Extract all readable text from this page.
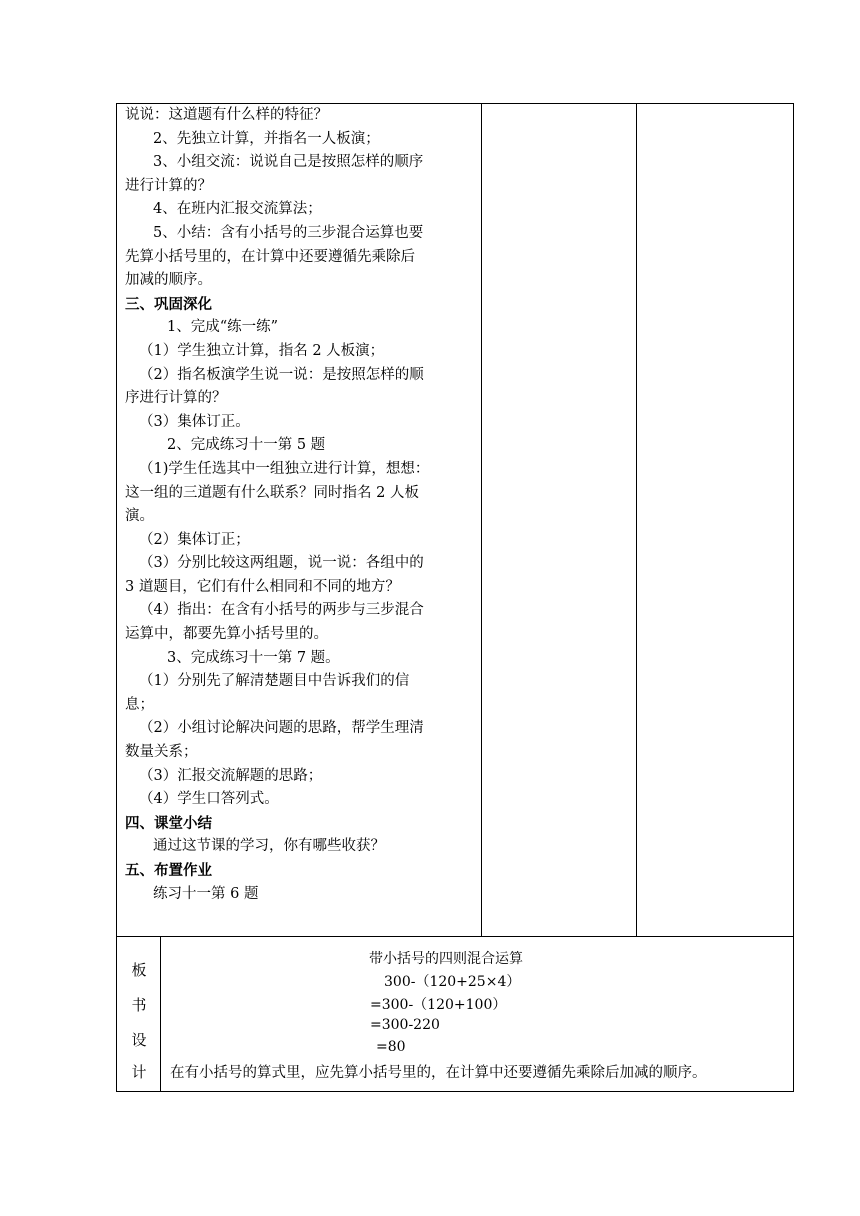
说说：这道题有什么样的特征？
2、先独立计算，并指名一人板演；
3、小组交流：说说自己是按照怎样的顺序
进行计算的？
4、在班内汇报交流算法；
5、小结：含有小括号的三步混合运算也要
先算小括号里的，在计算中还要遵循先乘除后
加减的顺序。
三、巩固深化
1、完成“练一练”
（1）学生独立计算，指名 2 人板演；
（2）指名板演学生说一说：是按照怎样的顺
序进行计算的？
（3）集体订正。
2、完成练习十一第 5 题
（1)学生任选其中一组独立进行计算，想想：
这一组的三道题有什么联系？同时指名 2 人板
演。
（2）集体订正；
（3）分别比较这两组题，说一说：各组中的
3 道题目，它们有什么相同和不同的地方？
（4）指出：在含有小括号的两步与三步混合
运算中，都要先算小括号里的。
3、完成练习十一第 7 题。
（1）分别先了解清楚题目中告诉我们的信
息；
（2）小组讨论解决问题的思路，帮学生理清
数量关系；
（3）汇报交流解题的思路；
（4）学生口答列式。
四、课堂小结
通过这节课的学习，你有哪些收获？
五、布置作业
练习十一第 6 题
板
书
设
计
带小括号的四则混合运算
300-（120+25×4）
=300-（120+100）
=300-220
=80
在有小括号的算式里，应先算小括号里的，在计算中还要遵循先乘除后加减的顺序。
